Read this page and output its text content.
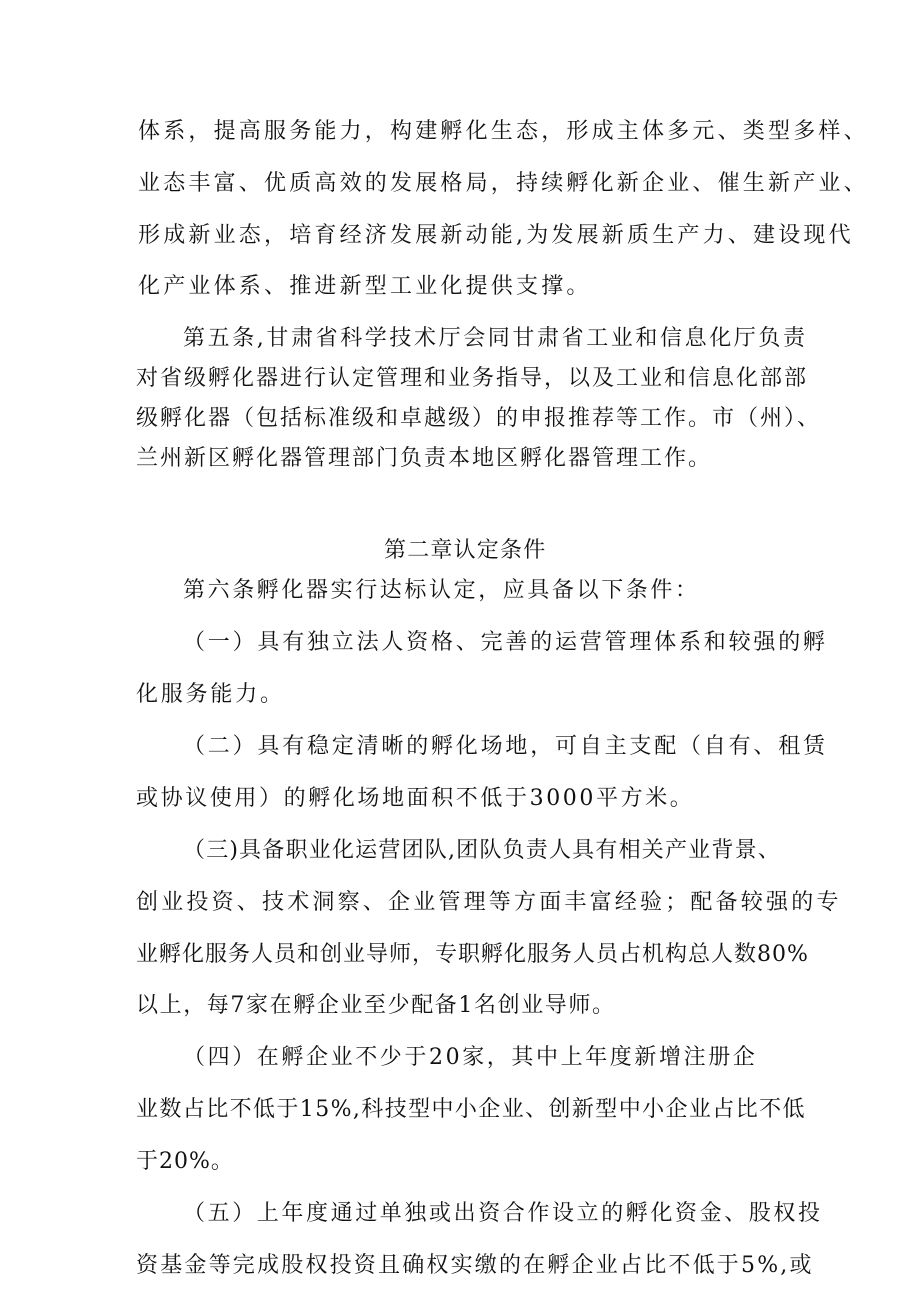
体系，提高服务能力，构建孵化生态，形成主体多元、类型多样、
业态丰富、优质高效的发展格局，持续孵化新企业、催生新产业、
形成新业态，培育经济发展新动能,为发展新质生产力、建设现代
化产业体系、推进新型工业化提供支撑。
第五条,甘肃省科学技术厅会同甘肃省工业和信息化厅负责
对省级孵化器进行认定管理和业务指导，以及工业和信息化部部
级孵化器（包括标准级和卓越级）的申报推荐等工作。市（州）、
兰州新区孵化器管理部门负责本地区孵化器管理工作。
第二章认定条件
第六条孵化器实行达标认定，应具备以下条件：
（一）具有独立法人资格、完善的运营管理体系和较强的孵
化服务能力。
（二）具有稳定清晰的孵化场地，可自主支配（自有、租赁
或协议使用）的孵化场地面积不低于3000平方米。
（三)具备职业化运营团队,团队负责人具有相关产业背景、
创业投资、技术洞察、企业管理等方面丰富经验；配备较强的专
业孵化服务人员和创业导师，专职孵化服务人员占机构总人数80%
以上，每7家在孵企业至少配备1名创业导师。
（四）在孵企业不少于20家，其中上年度新增注册企
业数占比不低于15%,科技型中小企业、创新型中小企业占比不低
于20%。
（五）上年度通过单独或出资合作设立的孵化资金、股权投
资基金等完成股权投资且确权实缴的在孵企业占比不低于5%,或
